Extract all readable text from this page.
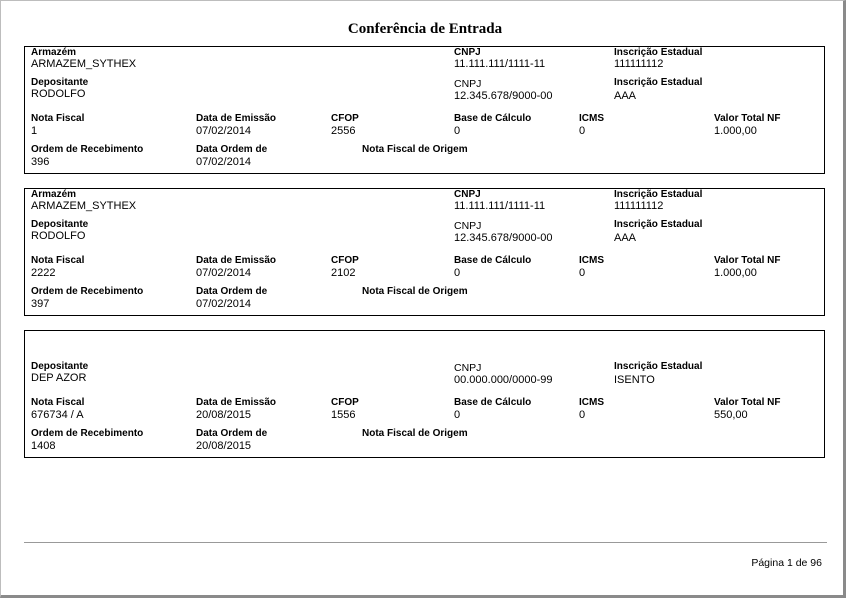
Conferência de Entrada
Armazém
ARMAZEM_SYTHEX
CNPJ
11.111.111/1111-11
Inscrição Estadual
111111112
Depositante
RODOLFO
CNPJ
12.345.678/9000-00
Inscrição Estadual
AAA
Nota Fiscal
1
Data de Emissão
07/02/2014
CFOP
2556
Base de Cálculo
0
ICMS
0
Valor Total NF
1.000,00
Ordem de Recebimento
396
Data Ordem de
07/02/2014
Nota Fiscal de Origem
Armazém
ARMAZEM_SYTHEX
CNPJ
11.111.111/1111-11
Inscrição Estadual
111111112
Depositante
RODOLFO
CNPJ
12.345.678/9000-00
Inscrição Estadual
AAA
Nota Fiscal
2222
Data de Emissão
07/02/2014
CFOP
2102
Base de Cálculo
0
ICMS
0
Valor Total NF
1.000,00
Ordem de Recebimento
397
Data Ordem de
07/02/2014
Nota Fiscal de Origem
Depositante
DEP AZOR
CNPJ
00.000.000/0000-99
Inscrição Estadual
ISENTO
Nota Fiscal
676734 / A
Data de Emissão
20/08/2015
CFOP
1556
Base de Cálculo
0
ICMS
0
Valor Total NF
550,00
Ordem de Recebimento
1408
Data Ordem de
20/08/2015
Nota Fiscal de Origem
Página 1 de 96
